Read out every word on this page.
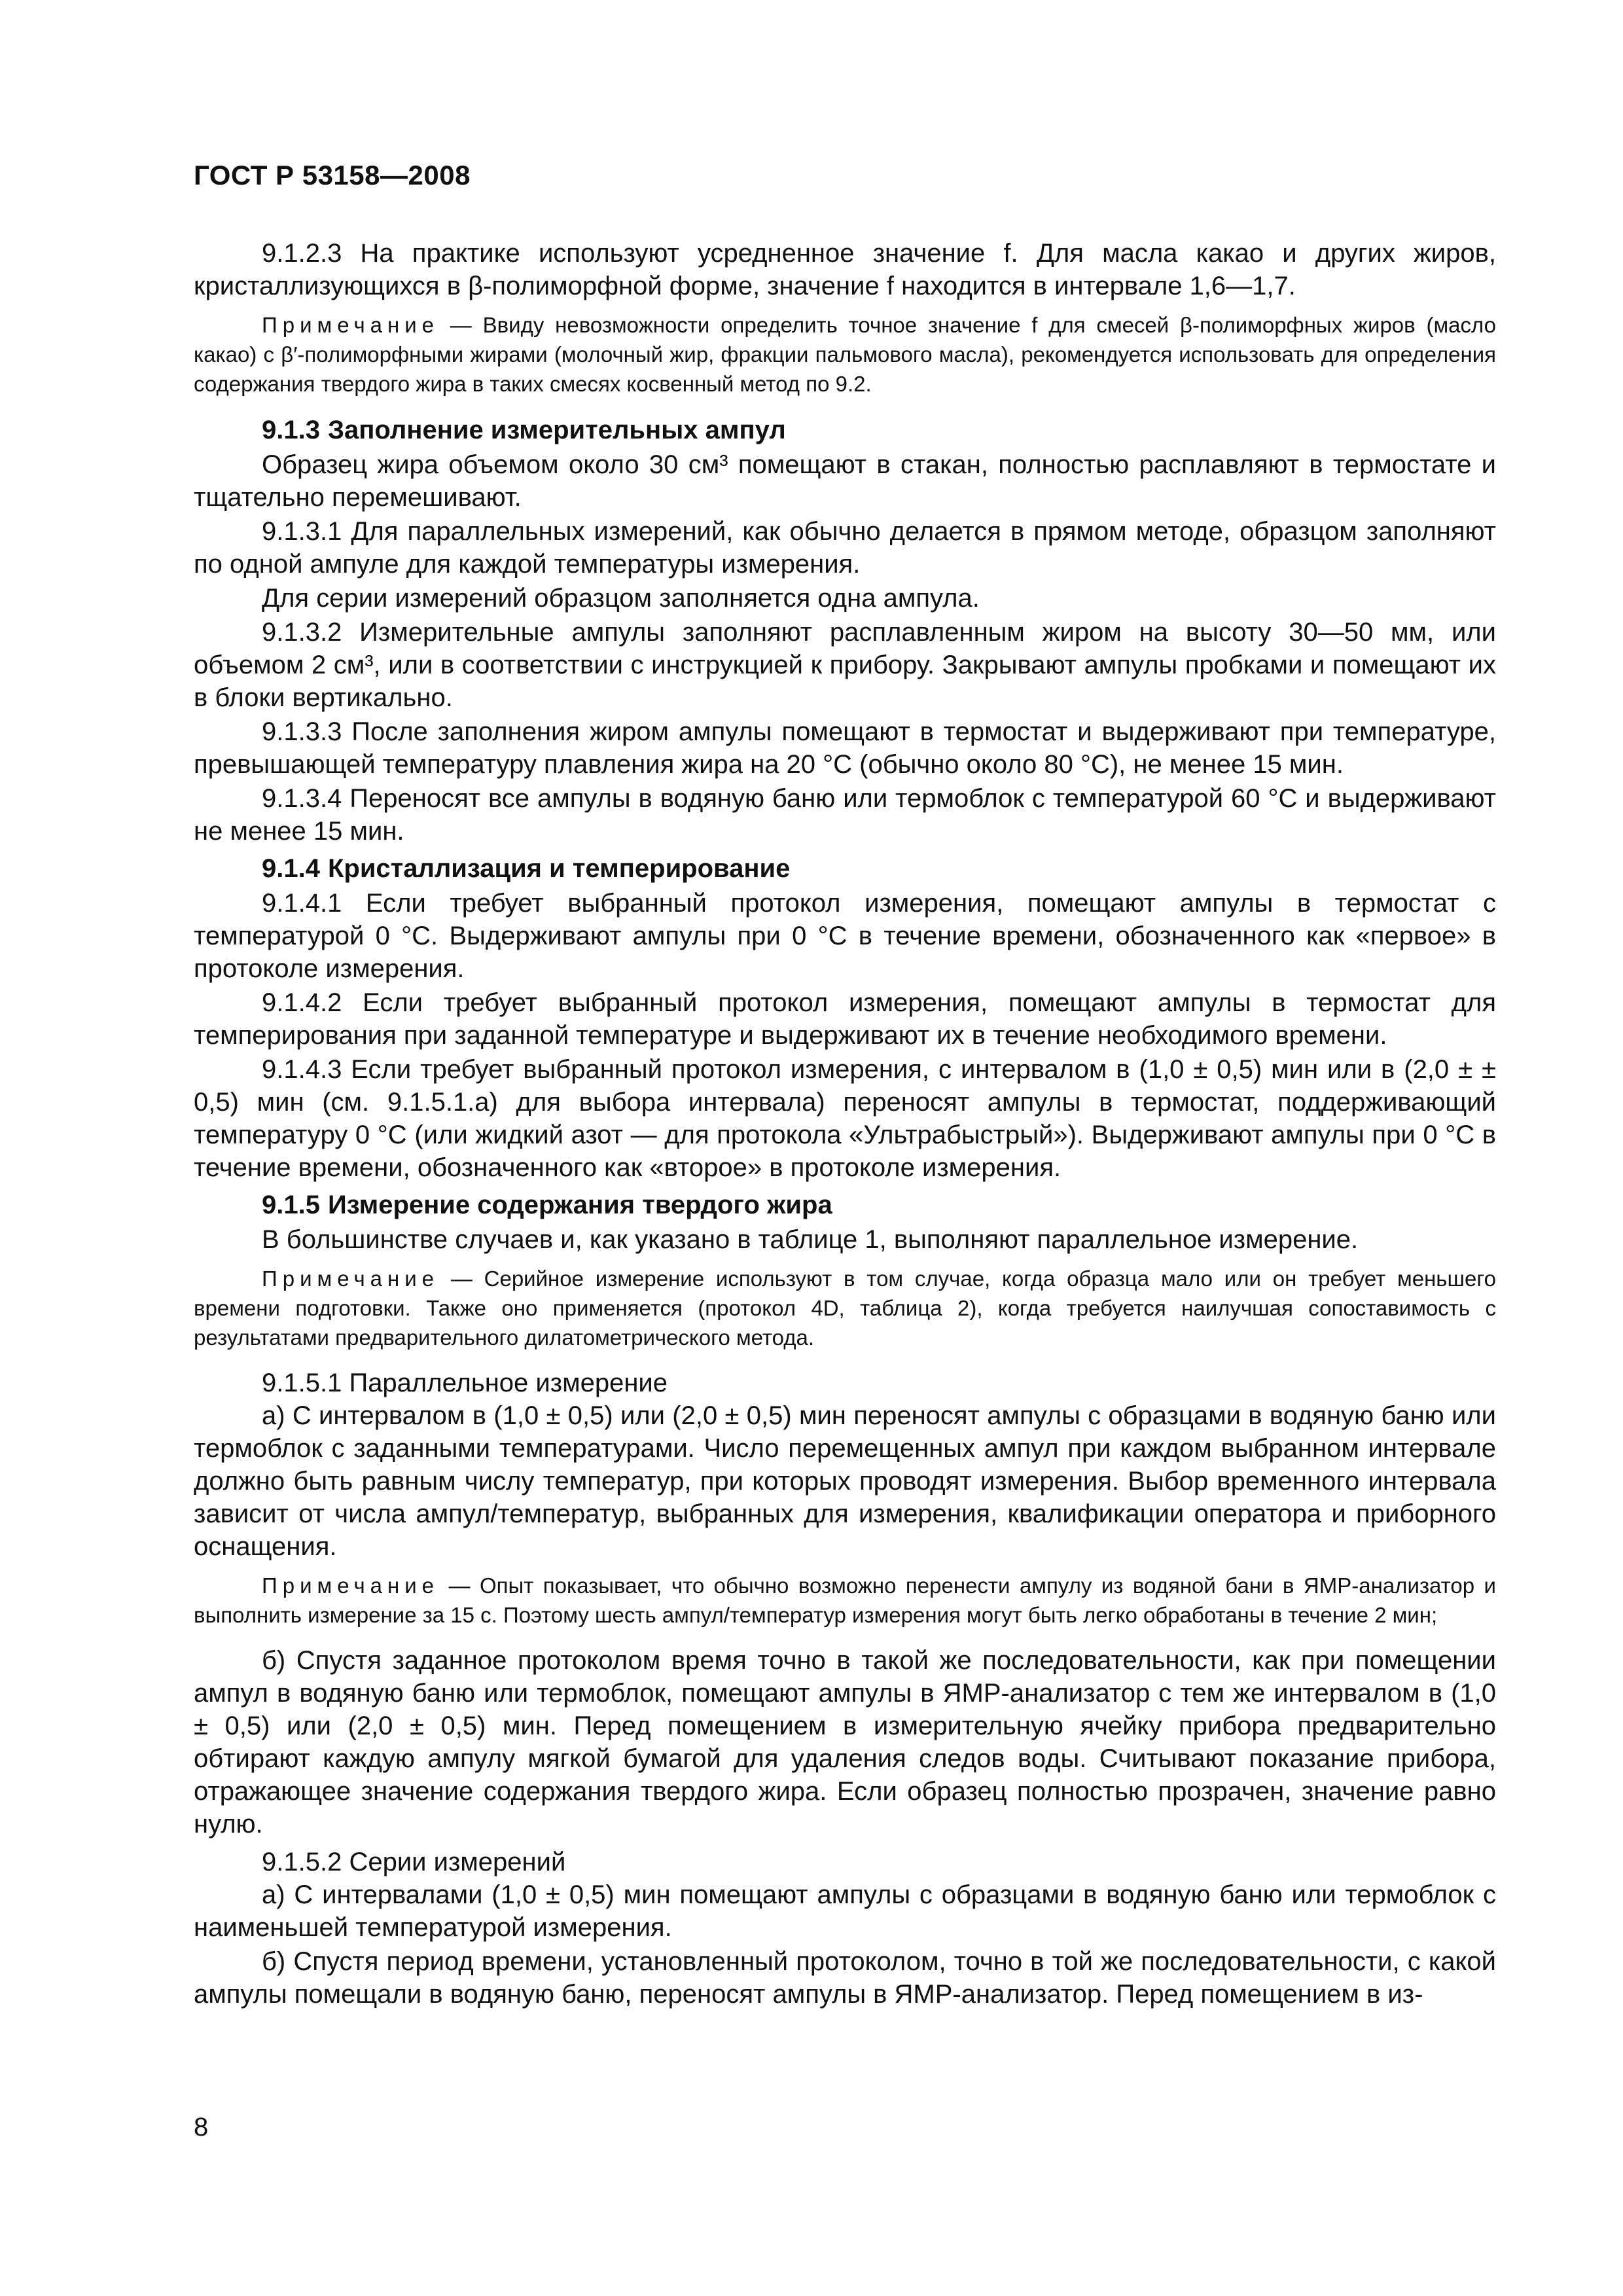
ГОСТ Р 53158—2008

9.1.2.3 На практике используют усредненное значение f. Для масла какао и других жиров, кристаллизующихся в β-полиморфной форме, значение f находится в интервале 1,6—1,7.

Примечание — Ввиду невозможности определить точное значение f для смесей β-полиморфных жиров (масло какао) с β′-полиморфными жирами (молочный жир, фракции пальмового масла), рекомендуется использовать для определения содержания твердого жира в таких смесях косвенный метод по 9.2.

9.1.3 Заполнение измерительных ампул

Образец жира объемом около 30 см³ помещают в стакан, полностью расплавляют в термостате и тщательно перемешивают.

9.1.3.1 Для параллельных измерений, как обычно делается в прямом методе, образцом заполняют по одной ампуле для каждой температуры измерения.

Для серии измерений образцом заполняется одна ампула.

9.1.3.2 Измерительные ампулы заполняют расплавленным жиром на высоту 30—50 мм, или объемом 2 см³, или в соответствии с инструкцией к прибору. Закрывают ампулы пробками и помещают их в блоки вертикально.

9.1.3.3 После заполнения жиром ампулы помещают в термостат и выдерживают при температуре, превышающей температуру плавления жира на 20 °С (обычно около 80 °С), не менее 15 мин.

9.1.3.4 Переносят все ампулы в водяную баню или термоблок с температурой 60 °С и выдерживают не менее 15 мин.

9.1.4 Кристаллизация и темперирование

9.1.4.1 Если требует выбранный протокол измерения, помещают ампулы в термостат с температурой 0 °С. Выдерживают ампулы при 0 °С в течение времени, обозначенного как «первое» в протоколе измерения.

9.1.4.2 Если требует выбранный протокол измерения, помещают ампулы в термостат для темперирования при заданной температуре и выдерживают их в течение необходимого времени.

9.1.4.3 Если требует выбранный протокол измерения, с интервалом в (1,0 ± 0,5) мин или в (2,0 ± ± 0,5) мин (см. 9.1.5.1.а) для выбора интервала) переносят ампулы в термостат, поддерживающий температуру 0 °С (или жидкий азот — для протокола «Ультрабыстрый»). Выдерживают ампулы при 0 °С в течение времени, обозначенного как «второе» в протоколе измерения.

9.1.5 Измерение содержания твердого жира

В большинстве случаев и, как указано в таблице 1, выполняют параллельное измерение.

Примечание — Серийное измерение используют в том случае, когда образца мало или он требует меньшего времени подготовки. Также оно применяется (протокол 4D, таблица 2), когда требуется наилучшая сопоставимость с результатами предварительного дилатометрического метода.

9.1.5.1 Параллельное измерение

а) С интервалом в (1,0 ± 0,5) или (2,0 ± 0,5) мин переносят ампулы с образцами в водяную баню или термоблок с заданными температурами. Число перемещенных ампул при каждом выбранном интервале должно быть равным числу температур, при которых проводят измерения. Выбор временного интервала зависит от числа ампул/температур, выбранных для измерения, квалификации оператора и приборного оснащения.

Примечание — Опыт показывает, что обычно возможно перенести ампулу из водяной бани в ЯМР-анализатор и выполнить измерение за 15 с. Поэтому шесть ампул/температур измерения могут быть легко обработаны в течение 2 мин;

б) Спустя заданное протоколом время точно в такой же последовательности, как при помещении ампул в водяную баню или термоблок, помещают ампулы в ЯМР-анализатор с тем же интервалом в (1,0 ± 0,5) или (2,0 ± 0,5) мин. Перед помещением в измерительную ячейку прибора предварительно обтирают каждую ампулу мягкой бумагой для удаления следов воды. Считывают показание прибора, отражающее значение содержания твердого жира. Если образец полностью прозрачен, значение равно нулю.

9.1.5.2 Серии измерений

а) С интервалами (1,0 ± 0,5) мин помещают ампулы с образцами в водяную баню или термоблок с наименьшей температурой измерения.

б) Спустя период времени, установленный протоколом, точно в той же последовательности, с какой ампулы помещали в водяную баню, переносят ампулы в ЯМР-анализатор. Перед помещением в из-

8
